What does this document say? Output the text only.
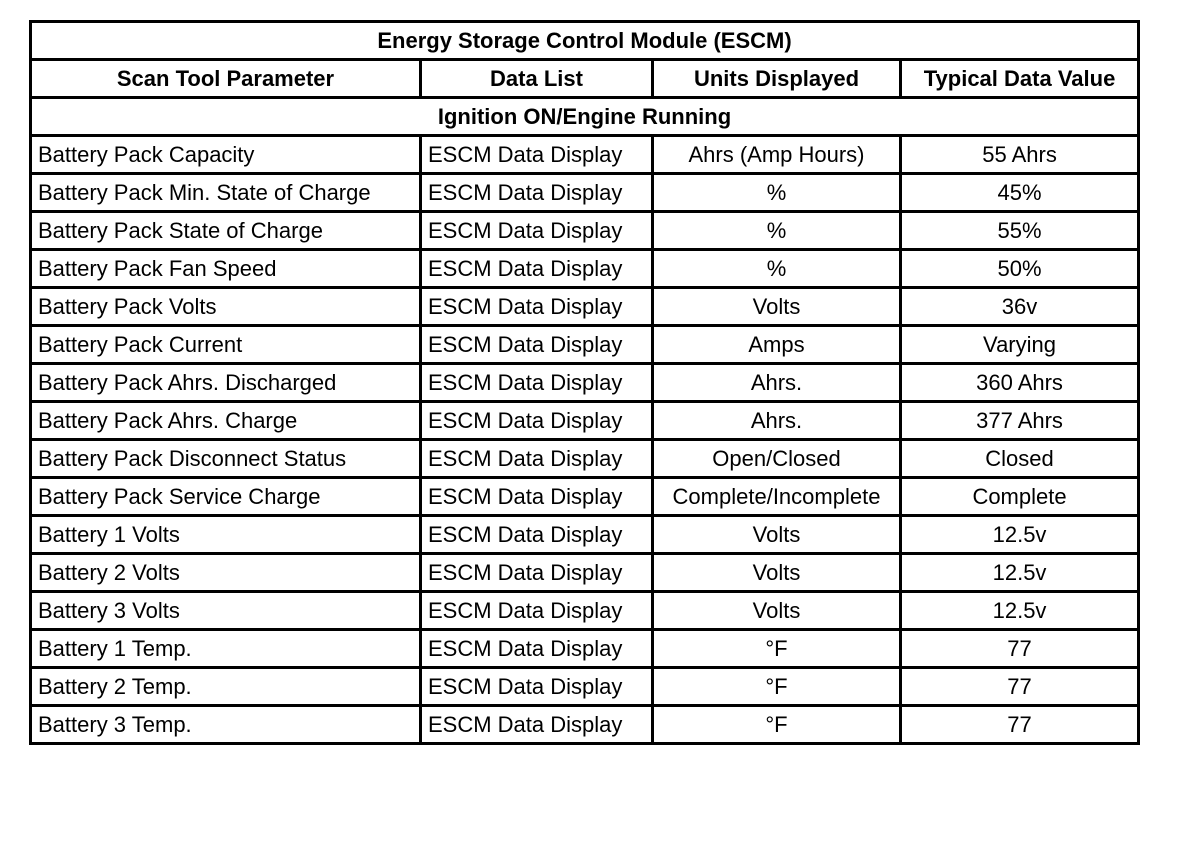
Energy Storage Control Module (ESCM)			
Scan Tool Parameter	Data List	Units Displayed	Typical Data Value
Ignition ON/Engine Running			
Battery Pack Capacity	ESCM Data Display	Ahrs (Amp Hours)	55 Ahrs
Battery Pack Min. State of Charge	ESCM Data Display	%	45%
Battery Pack State of Charge	ESCM Data Display	%	55%
Battery Pack Fan Speed	ESCM Data Display	%	50%
Battery Pack Volts	ESCM Data Display	Volts	36v
Battery Pack Current	ESCM Data Display	Amps	Varying
Battery Pack Ahrs. Discharged	ESCM Data Display	Ahrs.	360 Ahrs
Battery Pack Ahrs. Charge	ESCM Data Display	Ahrs.	377 Ahrs
Battery Pack Disconnect Status	ESCM Data Display	Open/Closed	Closed
Battery Pack Service Charge	ESCM Data Display	Complete/Incomplete	Complete
Battery 1 Volts	ESCM Data Display	Volts	12.5v
Battery 2 Volts	ESCM Data Display	Volts	12.5v
Battery 3 Volts	ESCM Data Display	Volts	12.5v
Battery 1 Temp.	ESCM Data Display	°F	77
Battery 2 Temp.	ESCM Data Display	°F	77
Battery 3 Temp.	ESCM Data Display	°F	77
